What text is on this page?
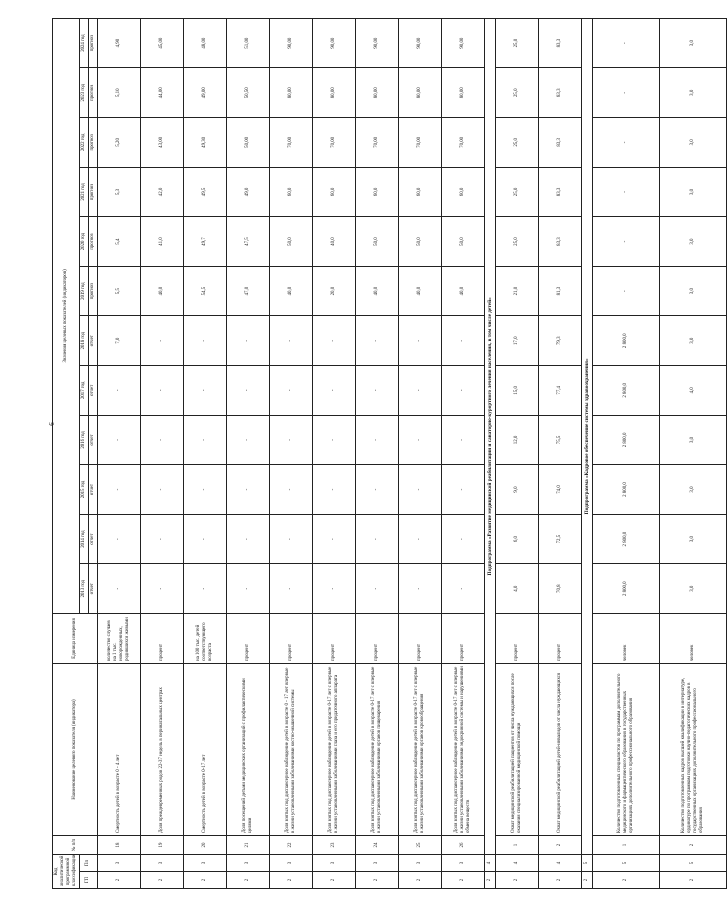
6
Код аналитической программной классификации		№ п/п	Наименование целевого показателя (индикатора)	Единица измерения	Значения целевых показателей (индикаторов)											
ГП	Пп				2013 год	2014 год	2015 год	2016 год	2017 год	2018 год	2019 год	2020 год	2021 год	2022 год	2023 год	2024 год
					отчет	отчет	отчет	отчет	отчет	отчет	прогноз	прогноз	прогноз	прогноз	прогноз	прогноз
2	3	18	Смертность детей в возрасте 0 - 4 лет	количество случаев на 1 тыс. новорожденных, родившихся живыми	-	-	-	-	-	7,0	5,5	5,4	5,3	5,20	5,10	4,90
2	3	19	Доля преждевременных родов 22-37 недель в перинатальных центрах	процент	-	-	-	-	-	-	40,0	41,0	42,0	43,00	44,00	45,00
2	3	20	Смертность детей в возрасте 0-17 лет	на 100 тыс. детей соответствующего возраста	-	-	-	-	-	-	54,5	49,7	49,5	49,30	49,00	48,00
2	3	21	Доля посещений детьми медицинских организаций с профилактическими целями	процент	-	-	-	-	-	-	47,0	47,5	49,0	50,00	50,50	51,00
2	3	22	Доля взятых под диспансерное наблюдение детей в возрасте 0 - 17 лет впервые в жизни установленными заболеваниями костно-мышечной системы	процент	-	-	-	-	-	-	40,0	50,0	60,0	70,00	80,00	90,00
2	3	23	Доля взятых под диспансерное наблюдение детей в возрасте 0-17 лет с впервые в жизни установленными заболеваниями глаза и его придаточного аппарата	процент	-	-	-	-	-	-	20,0	40,0	60,0	70,00	80,00	90,00
2	3	24	Доля взятых под диспансерное наблюдение детей в возрасте 0-17 лет с впервые в жизни установленными заболеваниями органов пищеварения	процент	-	-	-	-	-	-	40,0	50,0	60,0	70,00	80,00	90,00
2	3	25	Доля взятых под диспансерное наблюдение детей в возрасте 0-17 лет с впервые в жизни установленными заболеваниями органов кровообращения	процент	-	-	-	-	-	-	40,0	50,0	60,0	70,00	80,00	90,00
2	3	26	Доля взятых под диспансерное наблюдение детей в возрасте 0-17 лет с впервые в жизни установленными заболеваниями эндокринной системы и нарушениями обмена веществ	процент	-	-	-	-	-	-	40,0	50,0	60,0	70,00	80,00	90,00
2	4	Подпрограмма «Развитие медицинской реабилитации и санаторно-курортного лечения населения, в том числе детей»														
2	4	1	Охват медицинской реабилитацией пациентов от числа нуждающихся после оказания специализированной медицинской помощи	процент	4,0	6,0	9,0	12,0	15,0	17,0	21,0	25,0	25,0	25,0	25,0	25,0
2	4	2	Охват медицинской реабилитацией детей-инвалидов от числа нуждающихся	процент	70,8	72,5	74,0	75,5	77,4	79,3	81,3	83,3	83,3	83,3	83,3	83,3
2	5	Подпрограмма «Кадровое обеспечение системы здравоохранения»														
2	5	1	Количество подготовленных специалистов по программам дополнительного медицинского и фармацевтического образования в государственных организациях дополнительного профессионального образования	человек	2 800,0	2 800,0	2 800,0	2 800,0	2 800,0	2 800,0	-	-	-	-	-	-
2	5	2	Количество подготовленных кадров высшей квалификации в интернатуре, ординатуре по программам подготовки научно-педагогических кадров в государственных организациях дополнительного профессионального образования	человек	3,0	3,0	3,0	3,0	4,0	3,0	3,0	3,0	3,0	3,0	3,0	3,0
